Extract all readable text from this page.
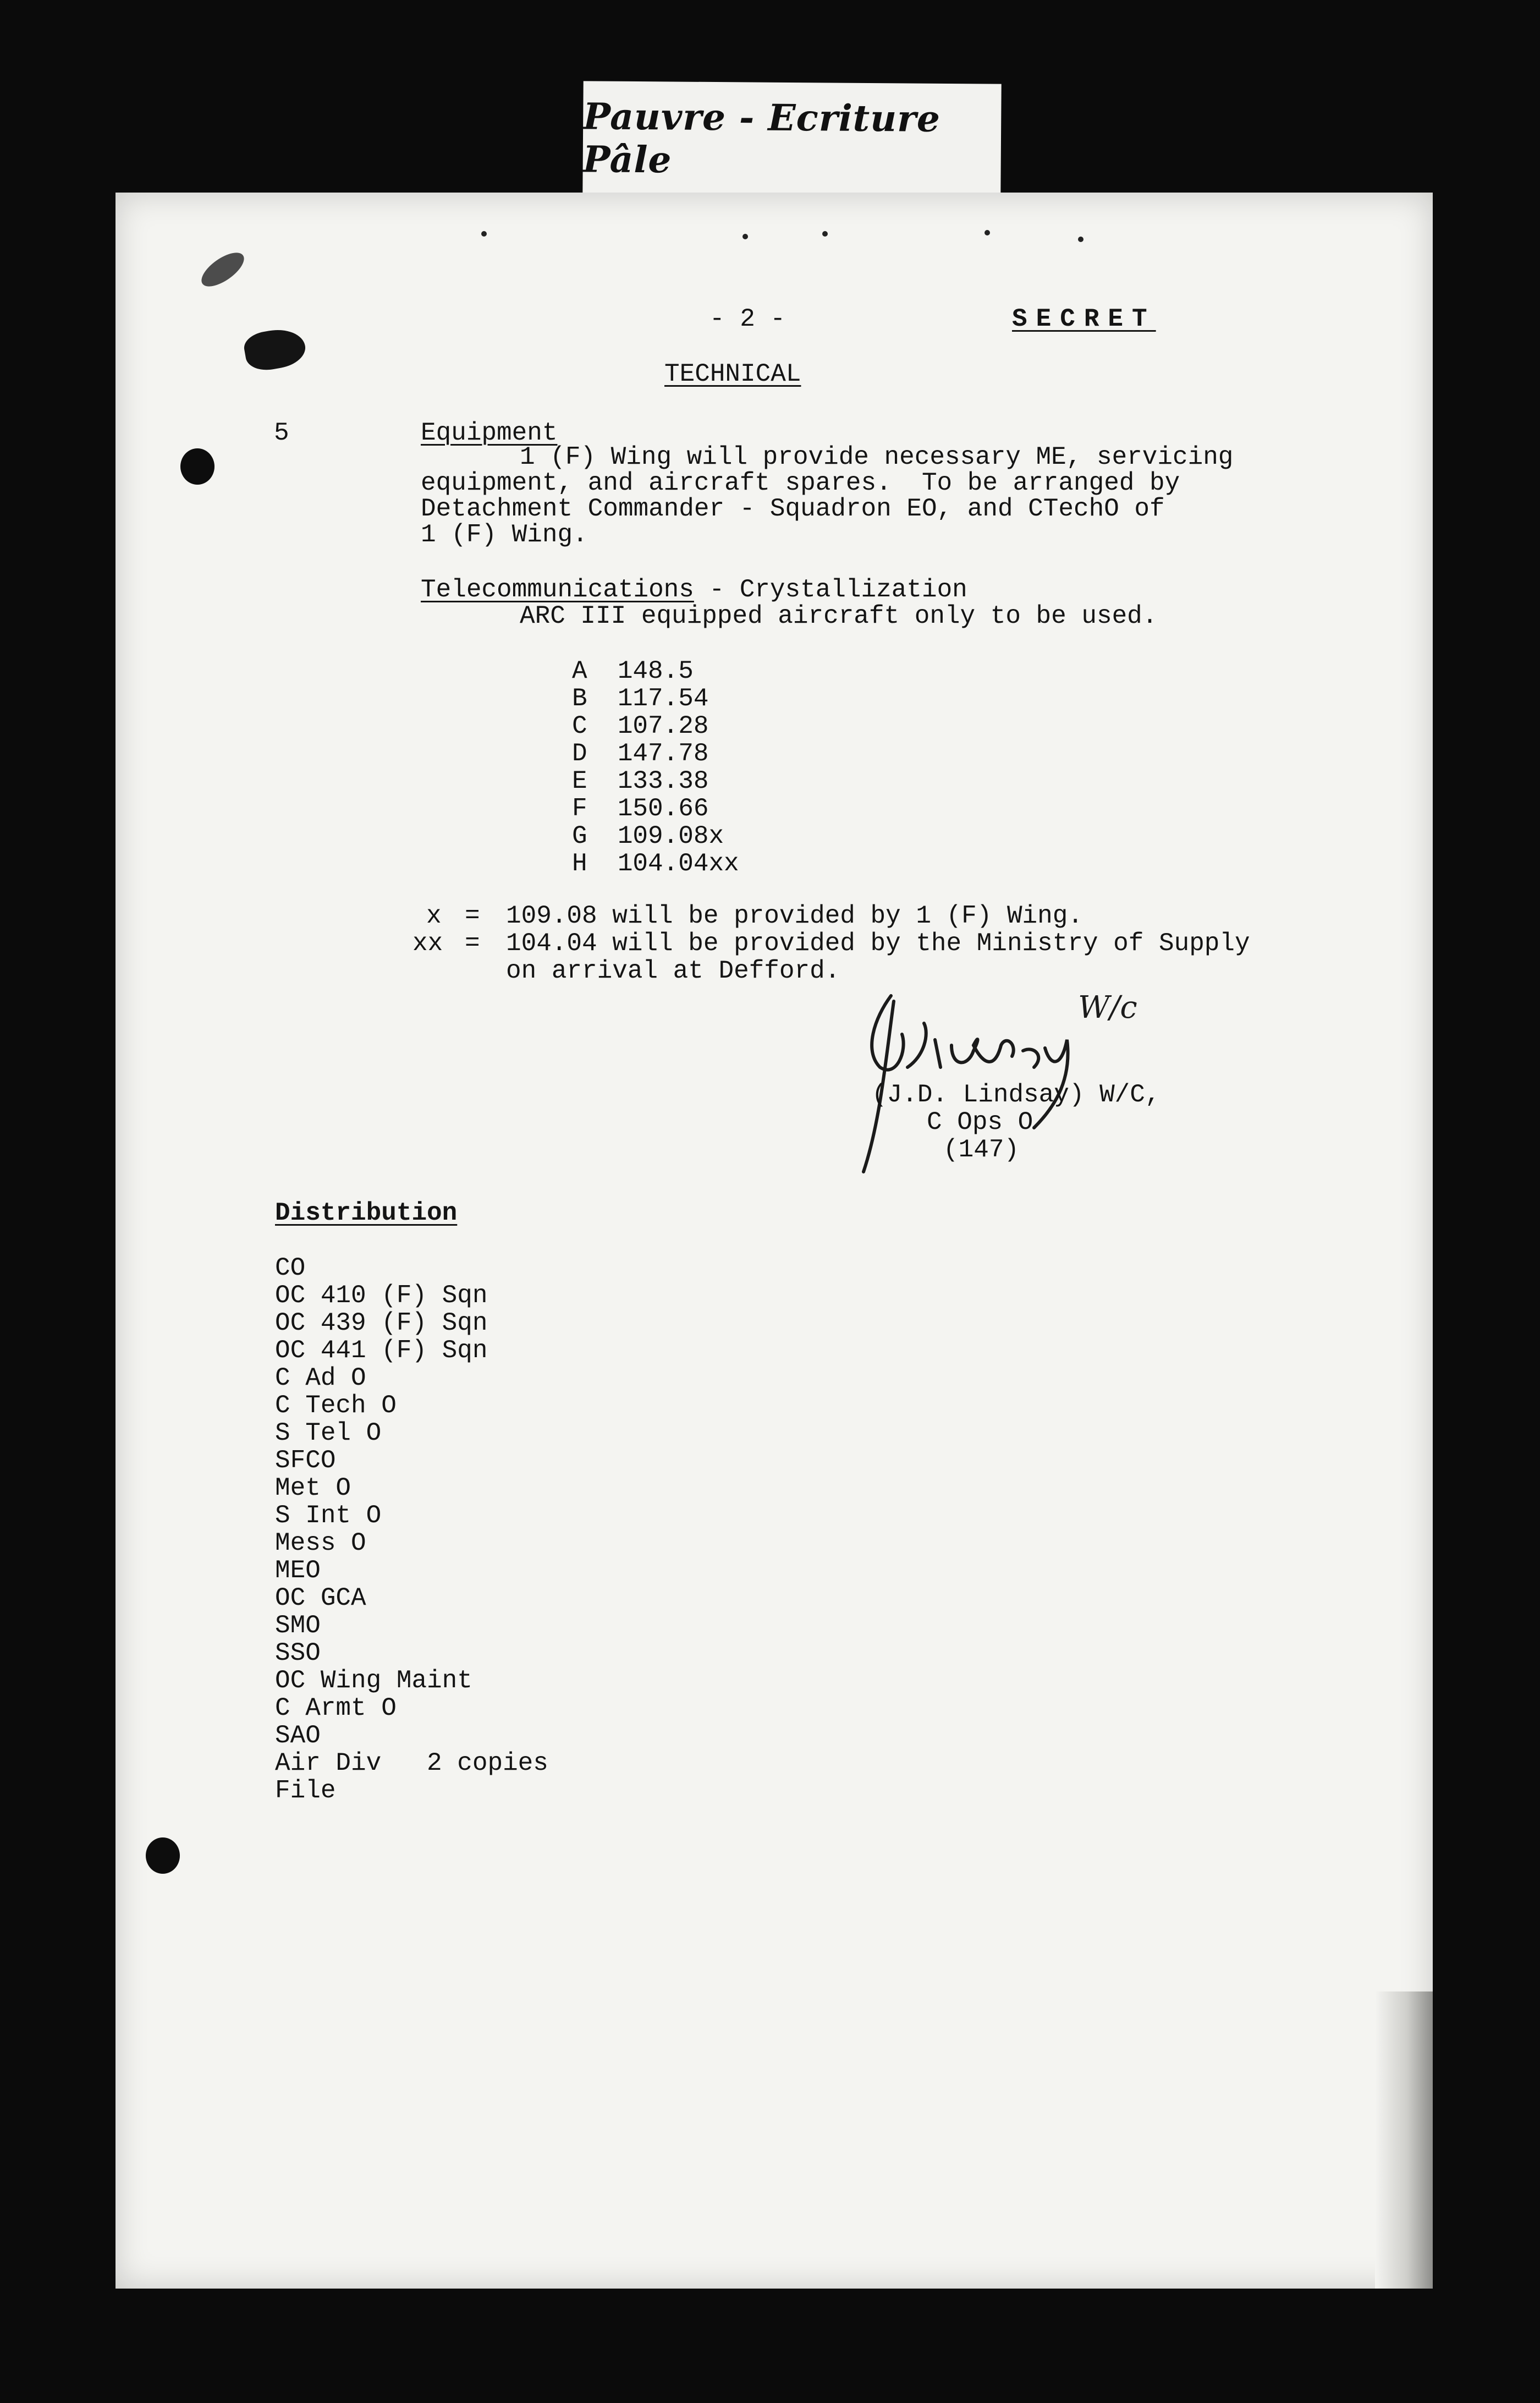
Pauvre - Ecriture Pâle
- 2 -	SECRET
TECHNICAL
5	Equipment
1 (F) Wing will provide necessary ME, servicing
equipment, and aircraft spares.  To be arranged by
Detachment Commander - Squadron EO, and CTechO of
1 (F) Wing.
Telecommunications - Crystallization
ARC III equipped aircraft only to be used.
A 148.5
B 117.54
C 107.28
D 147.78
E 133.38
F 150.66
G 109.08x
H 104.04xx
x = 109.08 will be provided by 1 (F) Wing.
xx = 104.04 will be provided by the Ministry of Supply
on arrival at Defford.
W/c
J Lindsay
(J.D. Lindsay) W/C,
C Ops O
(147)
Distribution
CO
OC 410 (F) Sqn
OC 439 (F) Sqn
OC 441 (F) Sqn
C Ad O
C Tech O
S Tel O
SFCO
Met O
S Int O
Mess O
MEO
OC GCA
SMO
SSO
OC Wing Maint
C Armt O
SAO
Air Div   2 copies
File
